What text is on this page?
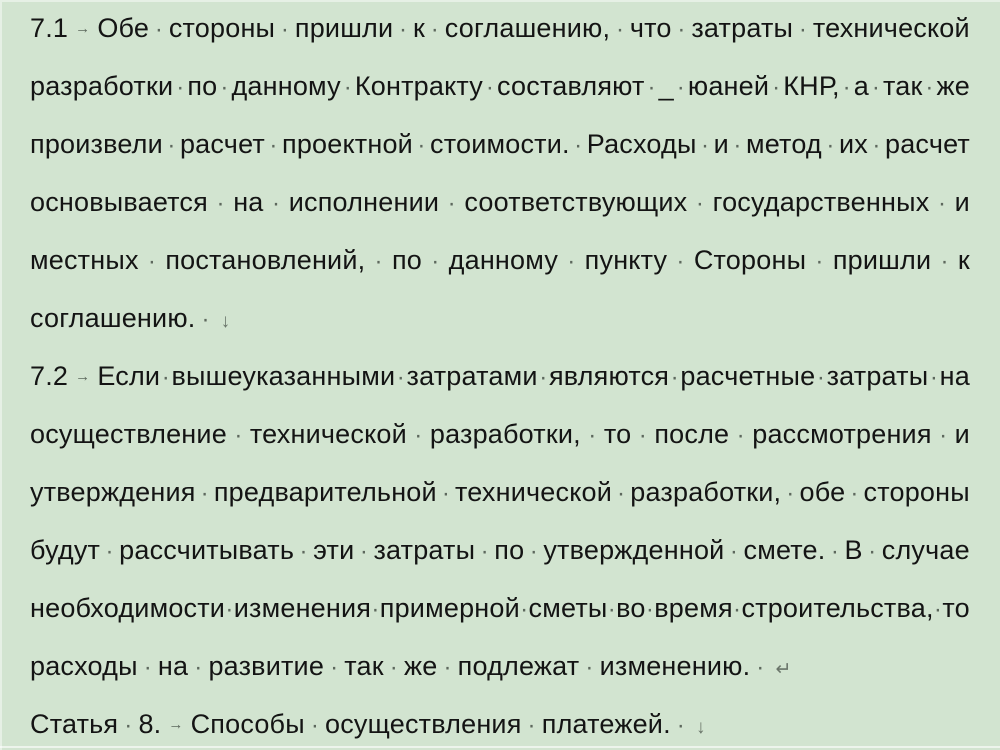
7.1 → Обе · стороны · пришли · к · соглашению, · что · затраты · технической
разработки · по · данному · Контракту · составляют · _ · юаней · КНР, · а · так · же
произвели · расчет · проектной · стоимости. · Расходы · и · метод · их · расчет
основывается · на · исполнении · соответствующих · государственных · и
местных · постановлений, · по · данному · пункту · Стороны · пришли · к
соглашению. · ↓
7.2 → Если · вышеуказанными · затратами · являются · расчетные · затраты · на
осуществление · технической · разработки, · то · после · рассмотрения · и
утверждения · предварительной · технической · разработки, · обе · стороны
будут · рассчитывать · эти · затраты · по · утвержденной · смете. · В · случае
необходимости · изменения · примерной · сметы · во · время · строительства, · то
расходы · на · развитие · так · же · подлежат · изменению. · ↵
Статья · 8. → Способы · осуществления · платежей. · ↓
